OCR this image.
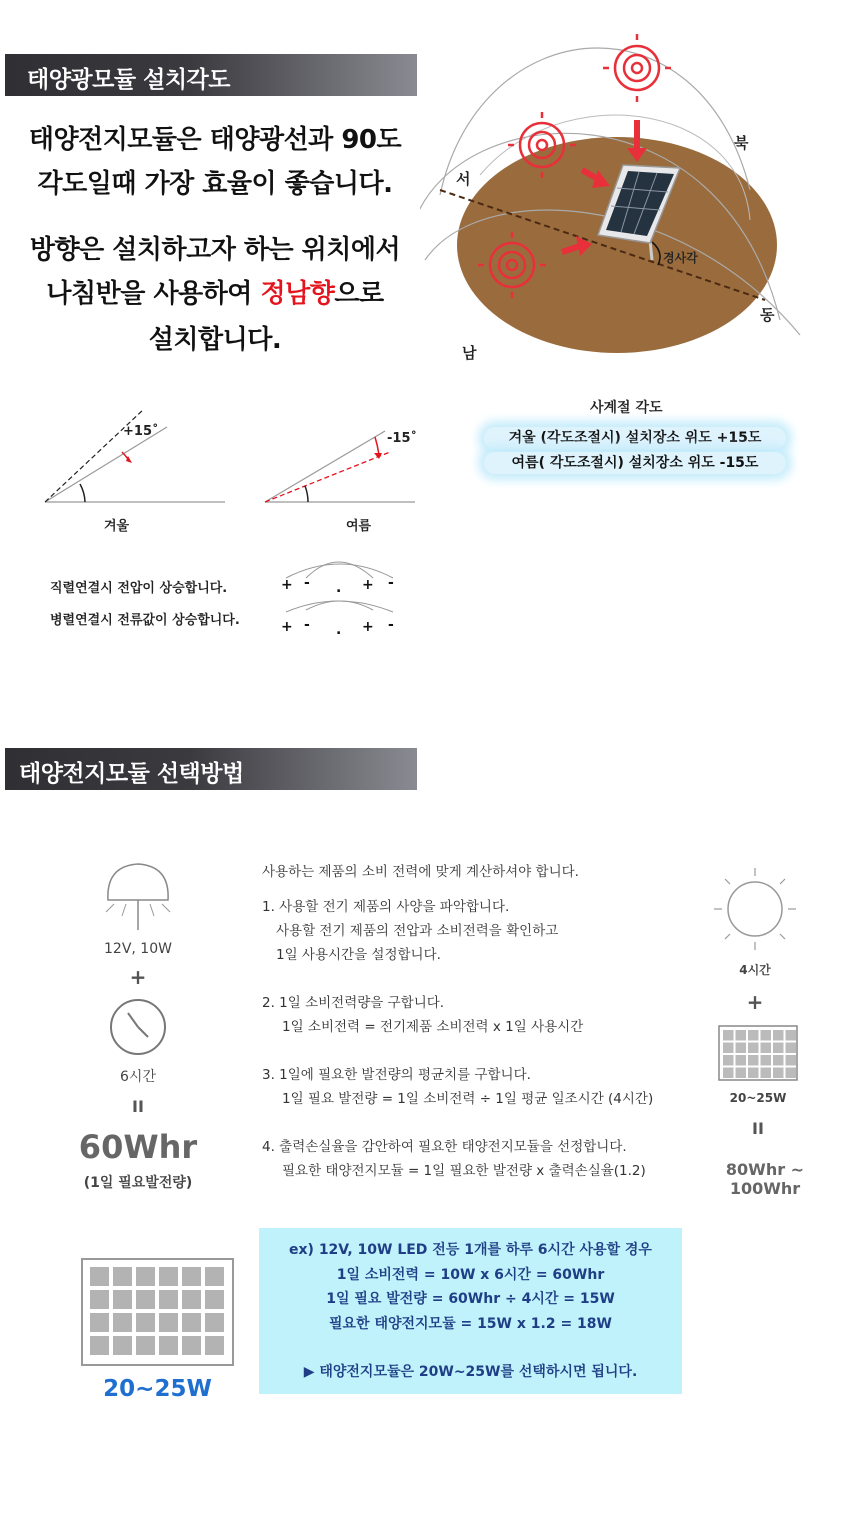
태양광모듈 설치각도
태양전지모듈은 태양광선과 90도
각도일때 가장 효율이 좋습니다.
방향은 설치하고자 하는 위치에서
나침반을 사용하여 정남향으로
설치합니다.
북
서
동
남
경사각
사계절 각도
겨울 (각도조절시) 설치장소 위도 +15도
여름( 각도조절시) 설치장소 위도 -15도
+15˚
겨울
-15˚
여름
직렬연결시 전압이 상승합니다.
병렬연결시 전류값이 상승합니다.
+ - . + -
+ - . + -
태양전지모듈 선택방법
12V, 10W
+
6시간
II
60Whr
(1일 필요발전량)
사용하는 제품의 소비 전력에 맞게 계산하셔야 합니다.
1. 사용할 전기 제품의 사양을 파악합니다.
사용할 전기 제품의 전압과 소비전력을 확인하고
1일 사용시간을 설정합니다.
2. 1일 소비전력량을 구합니다.
1일 소비전력 = 전기제품 소비전력 x 1일 사용시간
3. 1일에 필요한 발전량의 평균치를 구합니다.
1일 필요 발전량 = 1일 소비전력 ÷ 1일 평균 일조시간 (4시간)
4. 출력손실율을 감안하여 필요한 태양전지모듈을 선정합니다.
필요한 태양전지모듈 = 1일 필요한 발전량 x 출력손실율(1.2)
4시간
+
20~25W
II
80Whr ~ 100Whr
20~25W
ex) 12V, 10W LED 전등 1개를 하루 6시간 사용할 경우
1일 소비전력 = 10W x 6시간 = 60Whr
1일 필요 발전량 = 60Whr ÷ 4시간 = 15W
필요한 태양전지모듈 = 15W x 1.2 = 18W
▶ 태양전지모듈은 20W~25W를 선택하시면 됩니다.
